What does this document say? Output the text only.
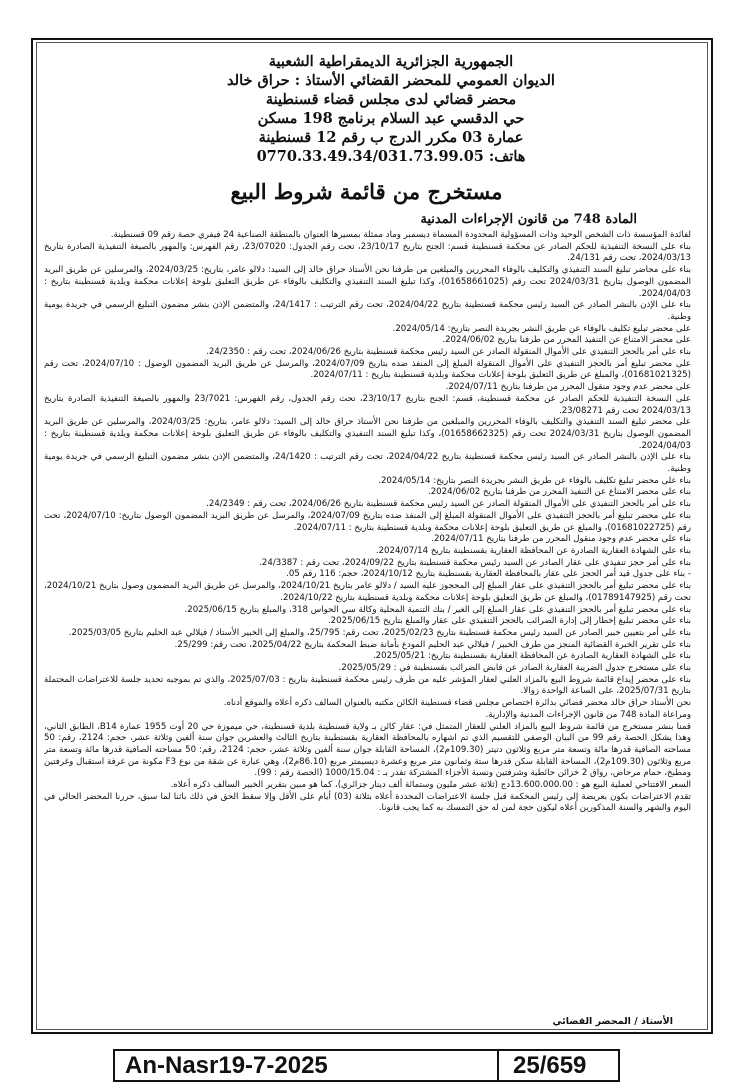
الجمهورية الجزائرية الديمقراطية الشعبية
الديوان العمومي للمحضر القضائي الأستاذ : حراق خالد
محضر قضائي لدى مجلس قضاء قسنطينة
حي الدقسي عبد السلام برنامج 198 مسكن
عمارة 03 مكرر الدرج ب رقم 12 قسنطينة
هاتف: 0770.33.49.34/031.73.99.05
مستخرج من قائمة شروط البيع
المادة 748 من قانون الإجراءات المدنية

لفائدة المؤسسة ذات الشخص الوحيد وذات المسؤولية المحدودة المسماة ديسمبر وماد ممثلة بمسيرها العنوان بالمنطقة الصناعية 24 فيفري حصة رقم 09 قسنطينة.

بناء على النسخة التنفيذية للحكم الصادر عن محكمة قسنطينة قسم: الجنح بتاريخ 23/10/17، تحت رقم الجدول: 23/07020، رقم الفهرس: والمهور بالصيغة التنفيذية الصادرة بتاريخ 2024/03/13، تحت رقم 24/131.

بناء على محاضر تبليغ السند التنفيذي والتكليف بالوفاء المحررين والمبلغين من طرفنا نحن الأستاذ حراق خالد إلى السيد: دلالو عامر، بتاريخ: 2024/03/25، والمرسلين عن طريق البريد المضمون الوصول بتاريخ 2024/03/31 تحت رقم (01658661025)، وكذا تبليغ السند التنفيذي والتكليف بالوفاء عن طريق التعليق بلوحة إعلانات محكمة وبلدية قسنطينة بتاريخ : 2024/04/03.

بناء على الإذن بالنشر الصادر عن السيد رئيس محكمة قسنطينة بتاريخ 2024/04/22، تحت رقم الترتيب : 24/1417، والمتضمن الإذن بنشر مضمون التبليغ الرسمي في جريدة يومية وطنية.

على محضر تبليغ تكليف بالوفاء عن طريق النشر بجريدة النصر بتاريخ: 2024/05/14.

على محضر الامتناع عن التنفيذ المحرر من طرفنا بتاريخ 2024/06/02.

بناء على أمر بالحجز التنفيذي على الأموال المنقولة الصادر عن السيد رئيس محكمة قسنطينة بتاريخ 2024/06/26، تحت رقم : 24/2350.

على محضر تبليغ أمر بالحجز التنفيذي على الأموال المنقولة المبلغ إلى المنفذ ضده بتاريخ 2024/07/09، والمرسل عن طريق البريد المضمون الوصول : 2024/07/10، تحت رقم (01681021325)، والمبلغ عن طريق التعليق بلوحة إعلانات محكمة وبلدية قسنطينة بتاريخ : 2024/07/11.

على محضر عدم وجود منقول المحرر من طرفنا بتاريخ 2024/07/11.

على النسخة التنفيذية للحكم الصادر عن محكمة قسنطينة، قسم: الجنح بتاريخ 23/10/17، تحت رقم الجدول، رقم الفهرس: 23/7021 والمهور بالصيغة التنفيذية الصادرة بتاريخ 2024/03/13 تحت رقم 23/08271.

على محضر تبليغ السند التنفيذي والتكليف بالوفاء المحررين والمبلغين من طرفنا نحن الأستاذ حراق خالد إلى السيد: دلالو عامر، بتاريخ: 2024/03/25، والمرسلين عن طريق البريد المضمون الوصول بتاريخ 2024/03/31 تحت رقم (01658662325)، وكذا تبليغ السند التنفيذي والتكليف بالوفاء عن طريق التعليق بلوحة إعلانات محكمة وبلدية قسنطينة بتاريخ : 2024/04/03.

بناء على الإذن بالنشر الصادر عن السيد رئيس محكمة قسنطينة بتاريخ 2024/04/22، تحت رقم الترتيب : 24/1420، والمتضمن الإذن بنشر مضمون التبليغ الرسمي في جريدة يومية وطنية.

بناء على محضر تبليغ تكليف بالوفاء عن طريق النشر بجريدة النصر بتاريخ: 2024/05/14.

بناء على محضر الامتناع عن التنفيذ المحرر من طرفنا بتاريخ 2024/06/02.

بناء على أمر بالحجز التنفيذي على الأموال المنقولة الصادر عن السيد رئيس محكمة قسنطينة بتاريخ 2024/06/26، تحت رقم : 24/2349.

بناء على محضر تبليغ أمر بالحجز التنفيذي على الأموال المنقولة المبلغ إلى المنفذ ضده بتاريخ 2024/07/09، والمرسل عن طريق البريد المضمون الوصول بتاريخ: 2024/07/10، تحت رقم (01681022725)، والمبلغ عن طريق التعليق بلوحة إعلانات محكمة وبلدية قسنطينة بتاريخ : 2024/07/11.

بناء على محضر عدم وجود منقول المحرر من طرفنا بتاريخ 2024/07/11.

بناء على الشهادة العقارية الصادرة عن المحافظة العقارية بقسنطينة بتاريخ 2024/07/14.

بناء على أمر حجز تنفيذي على عقار الصادر عن السيد رئيس محكمة قسنطينة بتاريخ 2024/09/22، تحت رقم : 24/3387.

- بناء على جدول قيد أمر الحجز على عقار بالمحافظة العقارية بقسنطينة بتاريخ 2024/10/12، حجم: 116 رقم 05.

بناء على محضر تبليغ أمر بالحجز التنفيذي على عقار المبلغ إلى المحجوز عليه السيد / دلالو عامر بتاريخ 2024/10/21، والمرسل عن طريق البريد المضمون وصول بتاريخ 2024/10/21، تحت رقم (01789147925)، والمبلغ عن طريق التعليق بلوحة إعلانات محكمة وبلدية قسنطينة بتاريخ 2024/10/22.

بناء على محضر تبليغ أمر بالحجز التنفيذي على عقار المبلغ إلى الغير / بنك التنمية المحلية وكالة سي الحواس 318، والمبلغ بتاريخ 2025/06/15.

بناء على محضر تبليغ إخطار إلى إدارة الضرائب بالحجز التنفيذي على عقار والمبلغ بتاريخ 2025/06/15.

بناء على أمر بتعيين خبير الصادر عن السيد رئيس محكمة قسنطينة بتاريخ 2025/02/23، تحت رقم: 25/795، والمبلغ إلى الخبير الأستاذ / فيلالي عبد الحليم بتاريخ 2025/03/05.

بناء على تقرير الخبرة القضائية المنجز من طرف الخبير / فيلالي عبد الحليم المودع بأمانة ضبط المحكمة بتاريخ 2025/04/22، تحت رقم: 25/299.

بناء على الشهادة العقارية الصادرة عن المحافظة العقارية بقسنطينة بتاريخ: 2025/05/21.

بناء على مستخرج جدول الضريبة العقارية الصادر عن قابض الضرائب بقسنطينة في : 2025/05/29.

بناء على محضر إيداع قائمة شروط البيع بالمزاد العلني لعقار المؤشر عليه من طرف رئيس محكمة قسنطينة بتاريخ : 2025/07/03، والذي تم بموجبه تحديد جلسة للاعتراضات المحتملة بتاريخ 2025/07/31، على الساعة الواحدة زوالا.

نحن الأستاذ حراق خالد محضر قضائي بدائرة اختصاص مجلس قضاء قسنطينة الكائن مكتبه بالعنوان السالف ذكره أعلاه والموقع أدناه.

ومراعاة المادة 748 من قانون الإجراءات المدنية والإدارية.

قمنا بنشر مستخرج من قائمة شروط البيع بالمزاد العلني للعقار المتمثل في: عقار كائن بـ ولاية قسنطينة بلدية قسنطينة، حي ميموزة حي 20 أوت 1955 عمارة B14، الطابق الثاني، وهذا يشكل الحصة رقم 99 من البيان الوصفي للتقسيم الذي تم اشهاره بالمحافظة العقارية بقسنطينة بتاريخ الثالث والعشرين جوان سنة ألفين وثلاثة عشر، حجم: 2124، رقم: 50 مساحته الصافية قدرها مائة وتسعة متر مربع وثلاثون دتيتر (109.30م2)، المساحة القابلة جوان سنة ألفين وثلاثة عشر، حجم: 2124، رقم: 50 مساحته الصافية قدرها مائة وتسعة متر مربع وثلاثون (109.30م2)، المساحة القابلة سكن قدرها ستة وثمانون متر مربع وعشرة ديسيمتر مربع (86.10م2)، وهي عبارة عن شقة من نوع F3 مكونة من غرفة استقبال وغرفتين ومطبخ، حمام مرحاض، رواق 2 خزائن حائطية وشرفتين ونسبة الأجزاء المشتركة تقدر بـ : 1000/15.04 (الحصة رقم : 99).

السعر الافتتاحي لعملية البيع هو : 13.600.000.00دج (ثلاثة عشر مليون وستمائة ألف دينار جزائري)، كما هو مبين بتقرير الخبير السالف ذكره أعلاه.

تقدم الاعتراضات بكون بعريضة إلى رئيس المحكمة قبل جلسة الاعتراضات المحددة أعلاه بثلاثة (03) أيام على الأقل وإلا سقط الحق في ذلك باثنا لما سبق، حررنا المحضر الحالي في اليوم والشهر والسنة المذكورين أعلاه ليكون حجة لمن له حق التمسك به كما يجب قانونا.

الأستاذ / المحضر القضائي
An-Nasr19-7-2025	25/659
